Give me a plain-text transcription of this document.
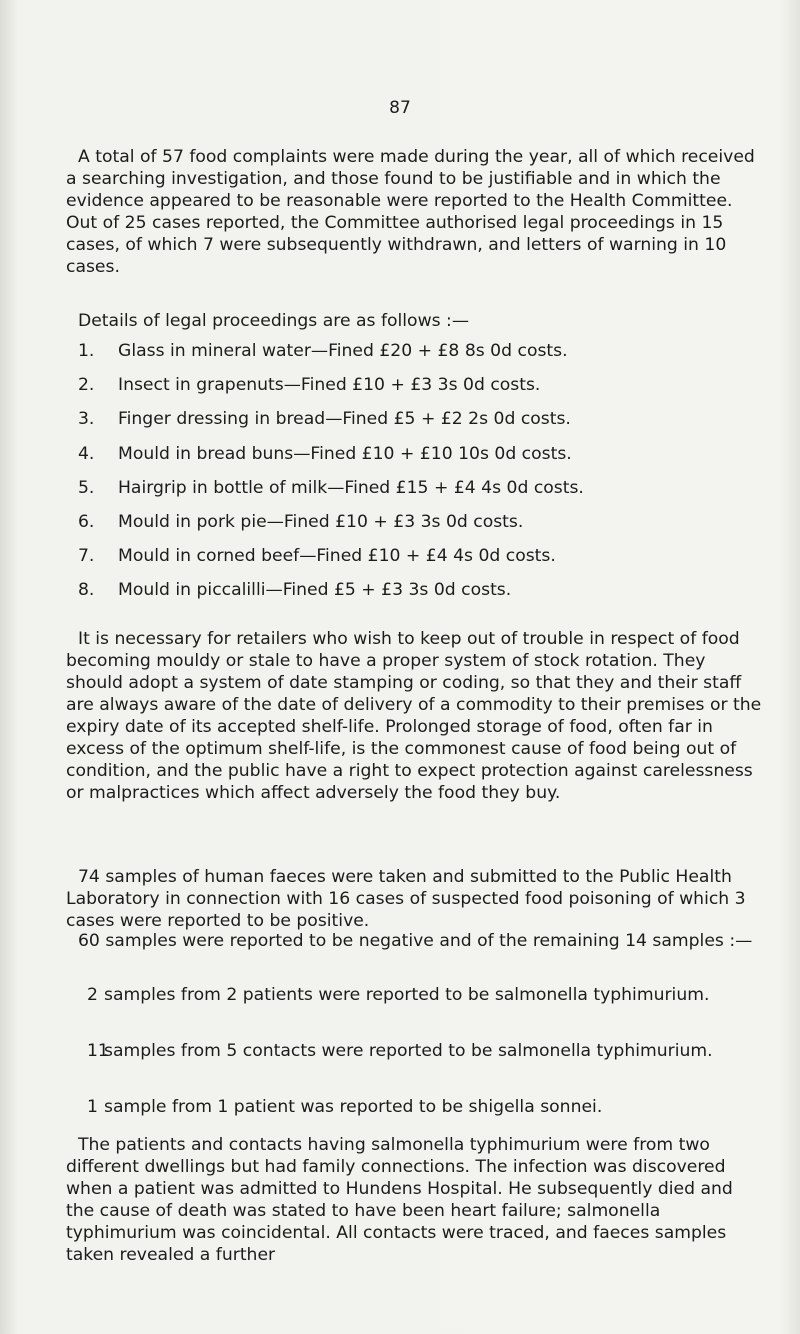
87

A total of 57 food complaints were made during the year, all of which received a searching investigation, and those found to be justifiable and in which the evidence appeared to be reasonable were reported to the Health Committee. Out of 25 cases reported, the Committee authorised legal proceedings in 15 cases, of which 7 were subsequently withdrawn, and letters of warning in 10 cases.

Details of legal proceedings are as follows :—

1. Glass in mineral water—Fined £20 + £8 8s 0d costs.
2. Insect in grapenuts—Fined £10 + £3 3s 0d costs.
3. Finger dressing in bread—Fined £5 + £2 2s 0d costs.
4. Mould in bread buns—Fined £10 + £10 10s 0d costs.
5. Hairgrip in bottle of milk—Fined £15 + £4 4s 0d costs.
6. Mould in pork pie—Fined £10 + £3 3s 0d costs.
7. Mould in corned beef—Fined £10 + £4 4s 0d costs.
8. Mould in piccalilli—Fined £5 + £3 3s 0d costs.

It is necessary for retailers who wish to keep out of trouble in respect of food becoming mouldy or stale to have a proper system of stock rotation. They should adopt a system of date stamping or coding, so that they and their staff are always aware of the date of delivery of a commodity to their premises or the expiry date of its accepted shelf-life. Prolonged storage of food, often far in excess of the optimum shelf-life, is the commonest cause of food being out of condition, and the public have a right to expect protection against carelessness or malpractices which affect adversely the food they buy.

74 samples of human faeces were taken and submitted to the Public Health Laboratory in connection with 16 cases of suspected food poisoning of which 3 cases were reported to be positive.

60 samples were reported to be negative and of the remaining 14 samples :—

2 samples from 2 patients were reported to be salmonella typhimurium.

11
samples from 5 contacts were reported to be salmonella typhimurium.

1 sample from 1 patient was reported to be shigella sonnei.

The patients and contacts having salmonella typhimurium were from two different dwellings but had family connections. The infection was discovered when a patient was admitted to Hundens Hospital. He subsequently died and the cause of death was stated to have been heart failure; salmonella typhimurium was coincidental. All contacts were traced, and faeces samples taken revealed a further
